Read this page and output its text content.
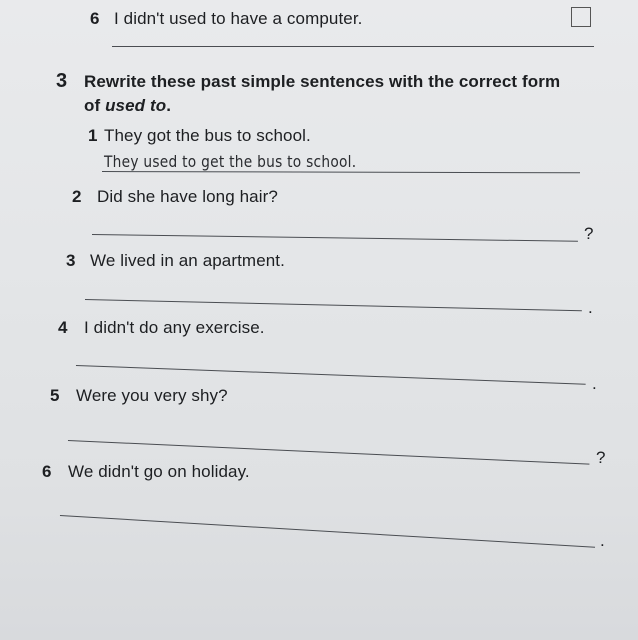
6 I didn't used to have a computer.
3 Rewrite these past simple sentences with the correct form
of used to.
1 They got the bus to school.
They used to get the bus to school.
2 Did she have long hair?
?
3 We lived in an apartment.
.
4 I didn't do any exercise.
.
5 Were you very shy?
?
6 We didn't go on holiday.
.
